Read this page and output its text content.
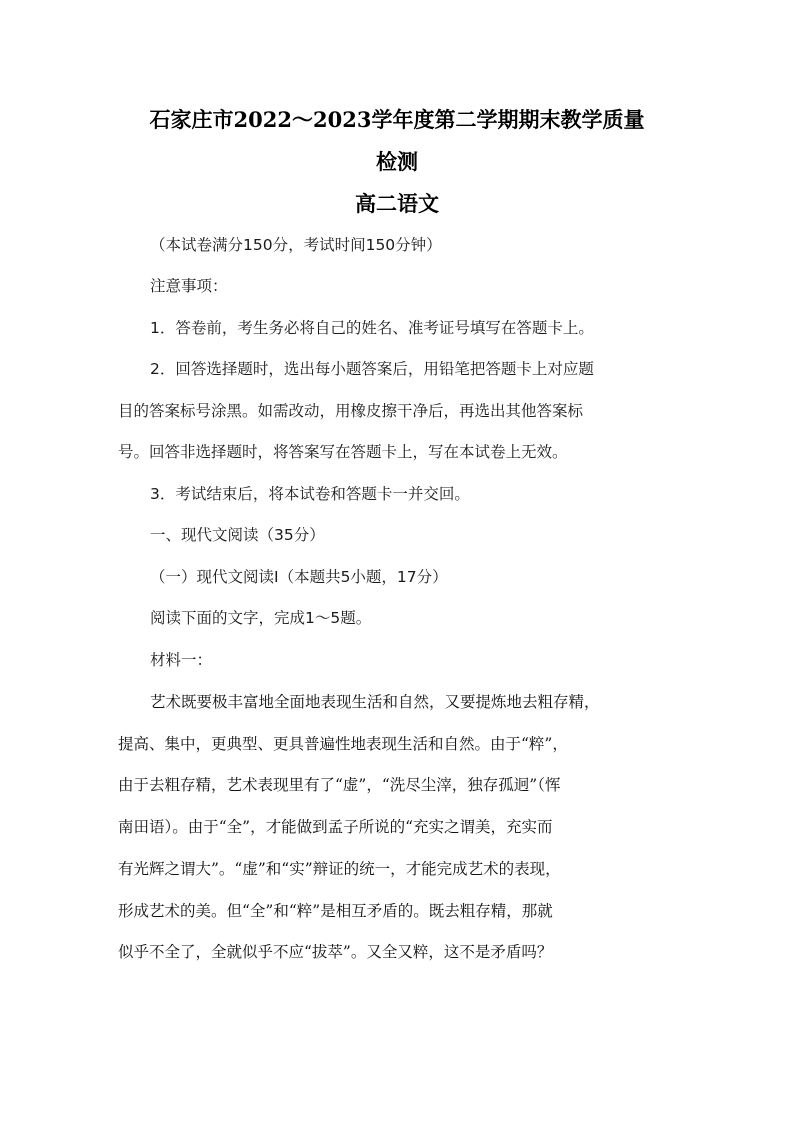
石家庄市2022～2023学年度第二学期期末教学质量
检测
高二语文
（本试卷满分150分，考试时间150分钟）
注意事项：
1．答卷前，考生务必将自己的姓名、准考证号填写在答题卡上。
2．回答选择题时，选出每小题答案后，用铅笔把答题卡上对应题
目的答案标号涂黑。如需改动，用橡皮擦干净后，再选出其他答案标
号。回答非选择题时，将答案写在答题卡上，写在本试卷上无效。
3．考试结束后，将本试卷和答题卡一并交回。
一、现代文阅读（35分）
（一）现代文阅读Ⅰ（本题共5小题，17分）
阅读下面的文字，完成1～5题。
材料一：
艺术既要极丰富地全面地表现生活和自然，又要提炼地去粗存精，
提高、集中，更典型、更具普遍性地表现生活和自然。由于“粹”，
由于去粗存精，艺术表现里有了“虚”，“洗尽尘滓，独存孤迥”（恽
南田语）。由于“全”，才能做到孟子所说的“充实之谓美，充实而
有光辉之谓大”。“虚”和“实”辩证的统一，才能完成艺术的表现，
形成艺术的美。但“全”和“粹”是相互矛盾的。既去粗存精，那就
似乎不全了，全就似乎不应“拔萃”。又全又粹，这不是矛盾吗？
